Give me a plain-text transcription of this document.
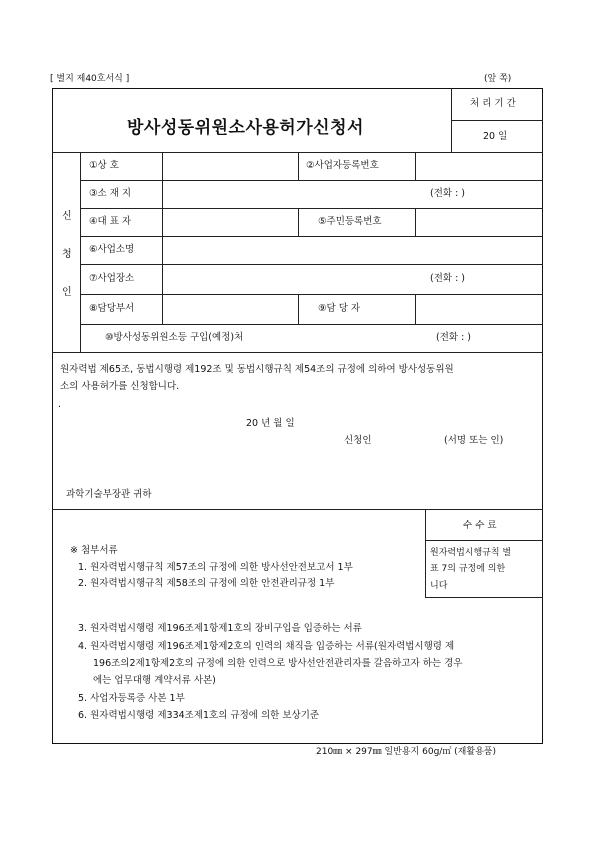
[ 별지 제40호서식 ]	(앞 쪽)
방사성동위원소사용허가신청서
처 리 기 간
20 일
신
청
인
①상 호	②사업자등록번호
③소 재 지	(전화 : )
④대 표 자	⑤주민등록번호
⑥사업소명
⑦사업장소	(전화 : )
⑧담당부서	⑨담 당 자
⑩방사성동위원소등 구입(예정)처	(전화 : )
원자력법 제65조, 동법시행령 제192조 및 동법시행규칙 제54조의 규정에 의하여 방사성동위원
소의 사용허가를 신청합니다.
.
20 년 월 일
신청인	(서명 또는 인)
과학기술부장관 귀하
수 수 료
원자력법시행규칙 별
표 7의 규정에 의한
니다
※ 첨부서류
1. 원자력법시행규칙 제57조의 규정에 의한 방사선안전보고서 1부
2. 원자력법시행규칙 제58조의 규정에 의한 안전관리규정 1부
3. 원자력법시행령 제196조제1항제1호의 장비구입을 입증하는 서류
4. 원자력법시행령 제196조제1항제2호의 인력의 채직을 입증하는 서류(원자력법시행령 제
196조의2제1항제2호의 규정에 의한 인력으로 방사선안전관리자를 갈음하고자 하는 경우
에는 업무대행 계약서류 사본)
5. 사업자등록증 사본 1부
6. 원자력법시행령 제334조제1호의 규정에 의한 보상기준
210㎜ × 297㎜ 일반용지 60g/㎡ (재활용품)
